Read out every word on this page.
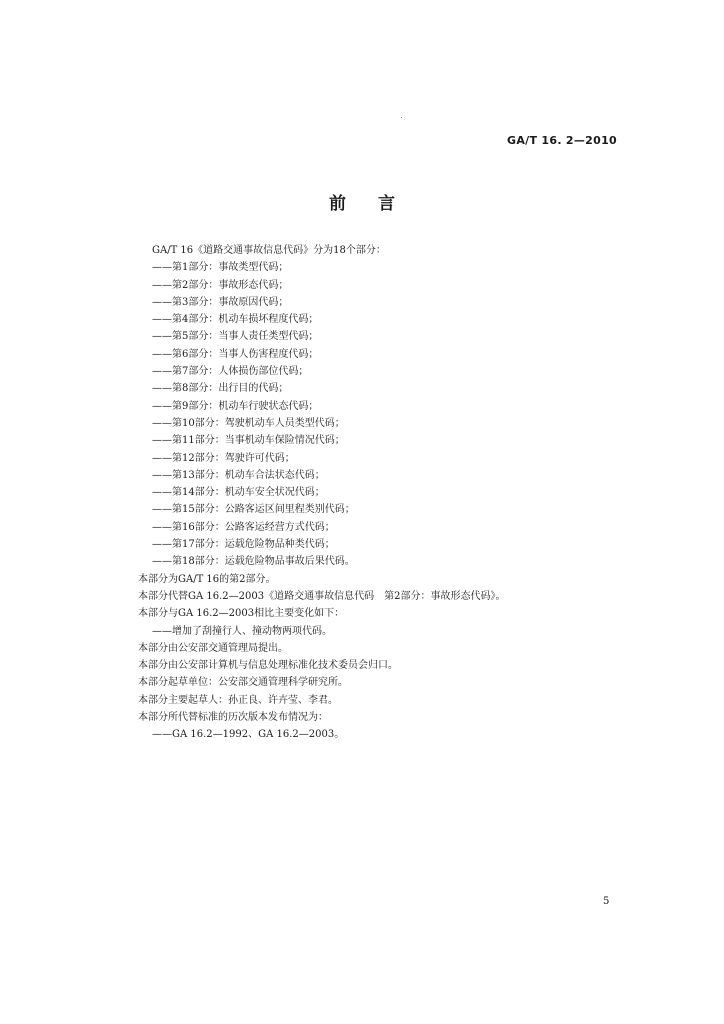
GA/T 16. 2—2010
前 言
GA/T 16《道路交通事故信息代码》分为18个部分：
——第1部分：事故类型代码；
——第2部分：事故形态代码；
——第3部分：事故原因代码；
——第4部分：机动车损坏程度代码；
——第5部分：当事人责任类型代码；
——第6部分：当事人伤害程度代码；
——第7部分：人体损伤部位代码；
——第8部分：出行目的代码；
——第9部分：机动车行驶状态代码；
——第10部分：驾驶机动车人员类型代码；
——第11部分：当事机动车保险情况代码；
——第12部分：驾驶许可代码；
——第13部分：机动车合法状态代码；
——第14部分：机动车安全状况代码；
——第15部分：公路客运区间里程类别代码；
——第16部分：公路客运经营方式代码；
——第17部分：运载危险物品种类代码；
——第18部分：运载危险物品事故后果代码。
本部分为GA/T 16的第2部分。
本部分代替GA 16.2—2003《道路交通事故信息代码　第2部分：事故形态代码》。
本部分与GA 16.2—2003相比主要变化如下：
——增加了刮撞行人、撞动物两项代码。
本部分由公安部交通管理局提出。
本部分由公安部计算机与信息处理标准化技术委员会归口。
本部分起草单位：公安部交通管理科学研究所。
本部分主要起草人：孙正良、许卉莹、李君。
本部分所代替标准的历次版本发布情况为：
——GA 16.2—1992、GA 16.2—2003。
5
